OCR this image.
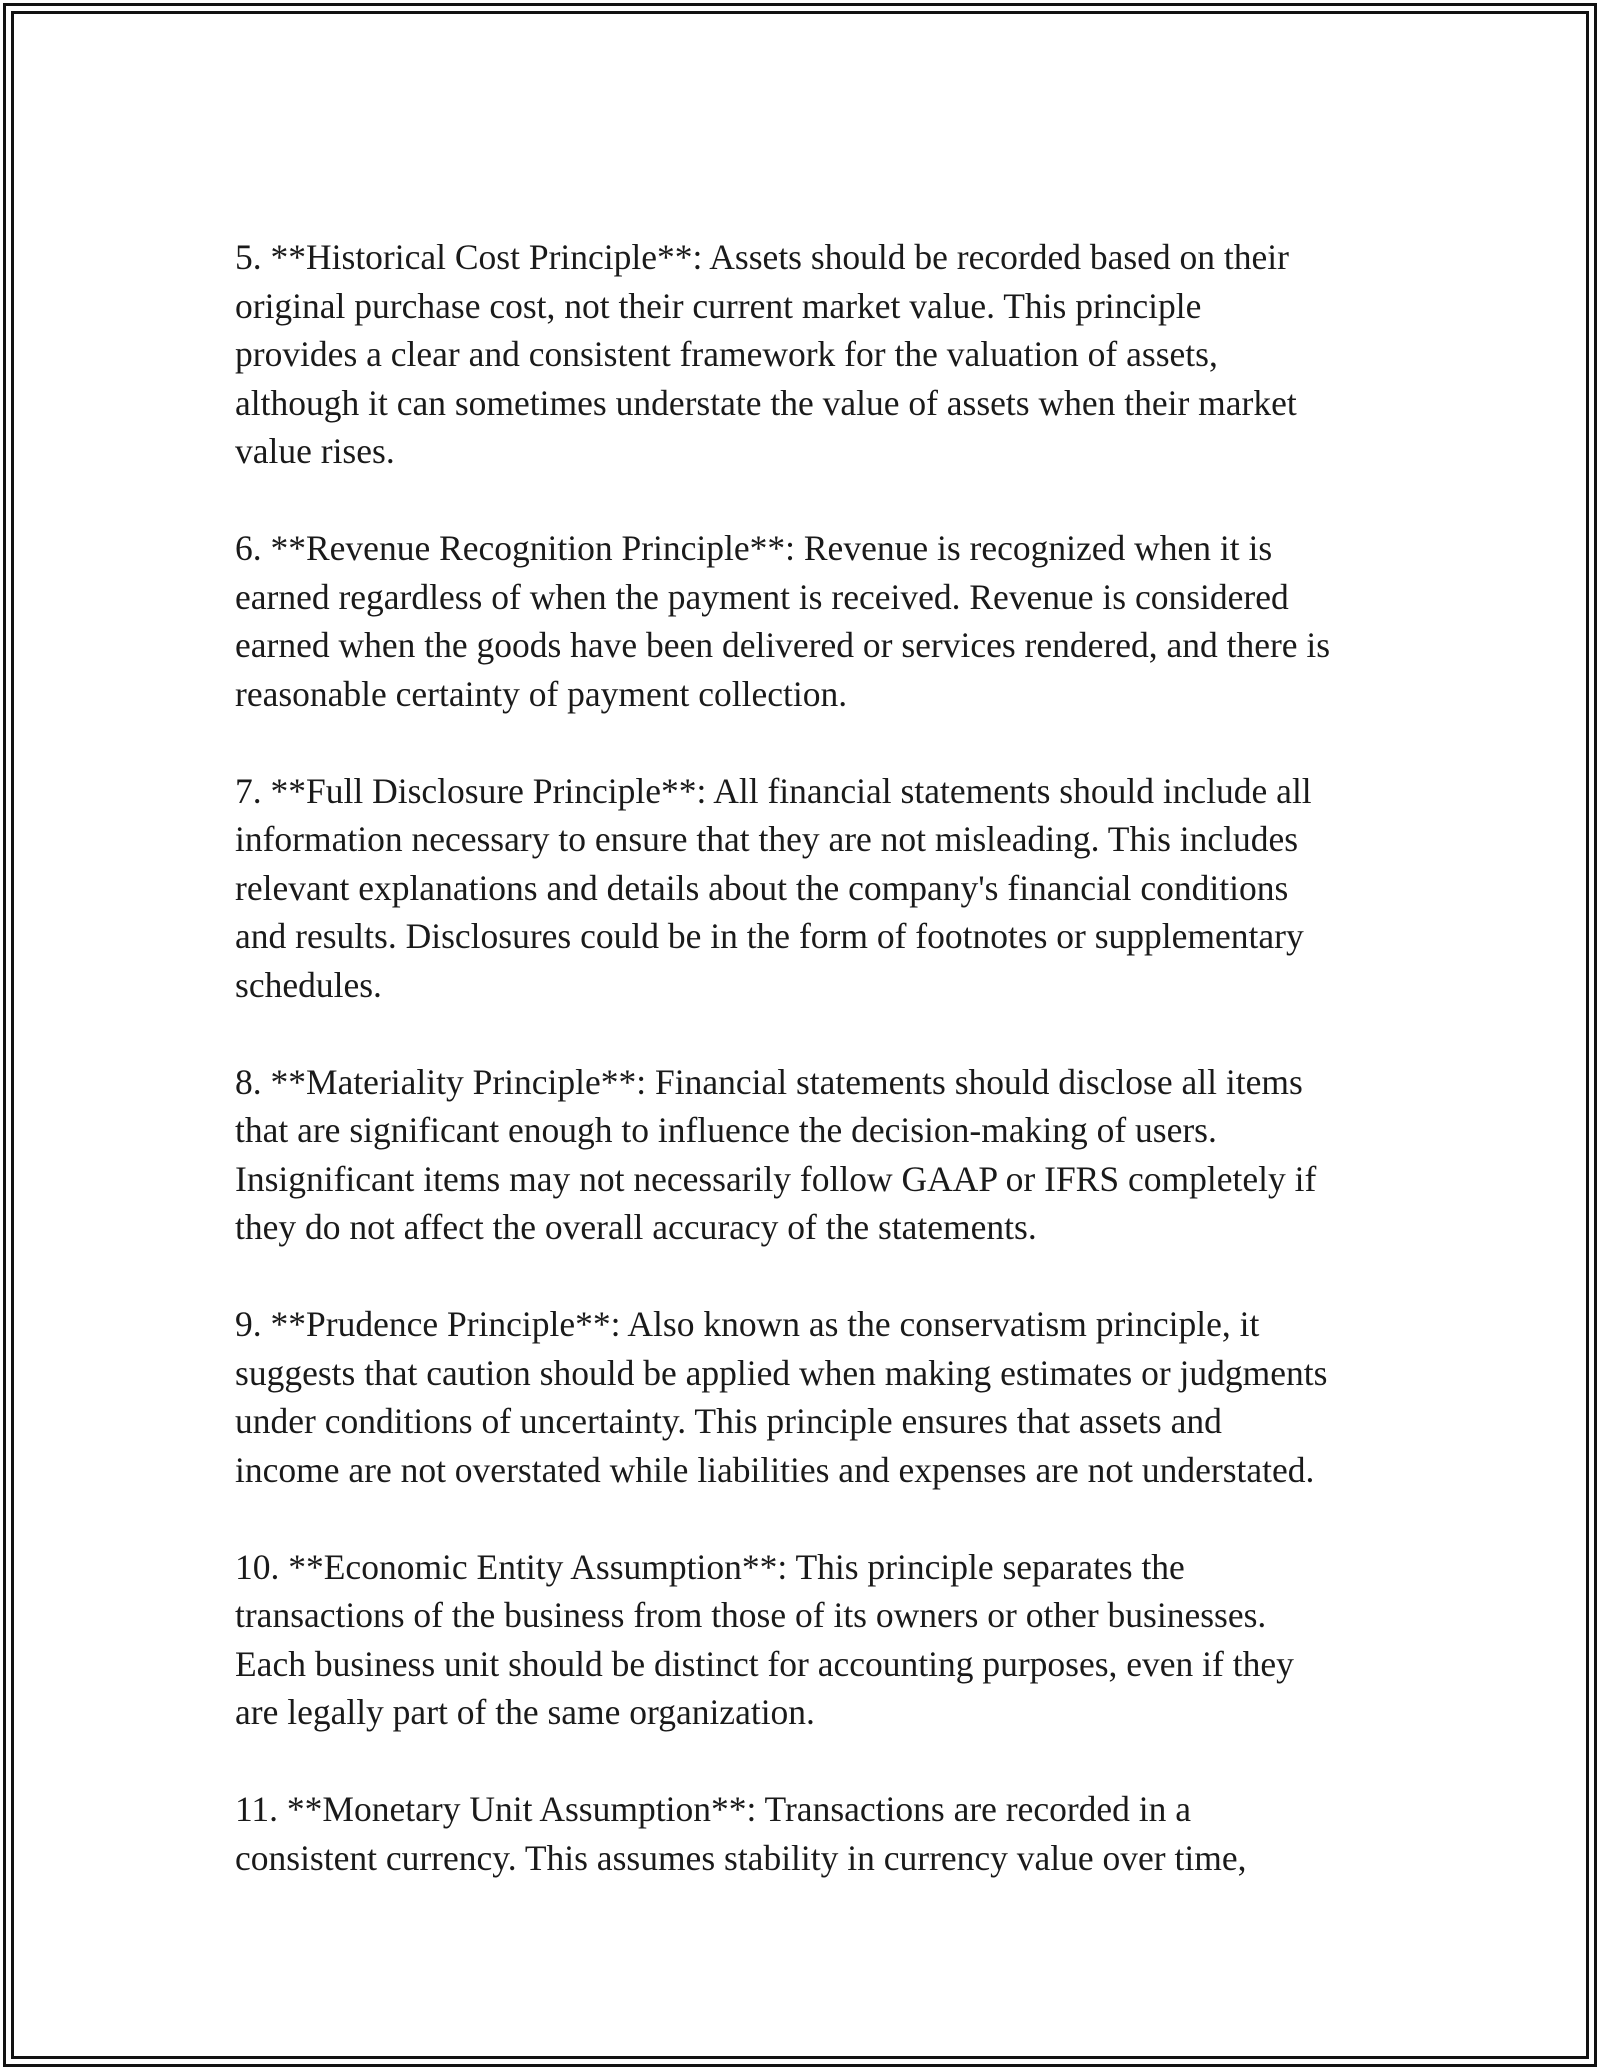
5. **Historical Cost Principle**: Assets should be recorded based on their
original purchase cost, not their current market value. This principle
provides a clear and consistent framework for the valuation of assets,
although it can sometimes understate the value of assets when their market
value rises.

6. **Revenue Recognition Principle**: Revenue is recognized when it is
earned regardless of when the payment is received. Revenue is considered
earned when the goods have been delivered or services rendered, and there is
reasonable certainty of payment collection.

7. **Full Disclosure Principle**: All financial statements should include all
information necessary to ensure that they are not misleading. This includes
relevant explanations and details about the company's financial conditions
and results. Disclosures could be in the form of footnotes or supplementary
schedules.

8. **Materiality Principle**: Financial statements should disclose all items
that are significant enough to influence the decision-making of users.
Insignificant items may not necessarily follow GAAP or IFRS completely if
they do not affect the overall accuracy of the statements.

9. **Prudence Principle**: Also known as the conservatism principle, it
suggests that caution should be applied when making estimates or judgments
under conditions of uncertainty. This principle ensures that assets and
income are not overstated while liabilities and expenses are not understated.

10. **Economic Entity Assumption**: This principle separates the
transactions of the business from those of its owners or other businesses.
Each business unit should be distinct for accounting purposes, even if they
are legally part of the same organization.

11. **Monetary Unit Assumption**: Transactions are recorded in a
consistent currency. This assumes stability in currency value over time,
